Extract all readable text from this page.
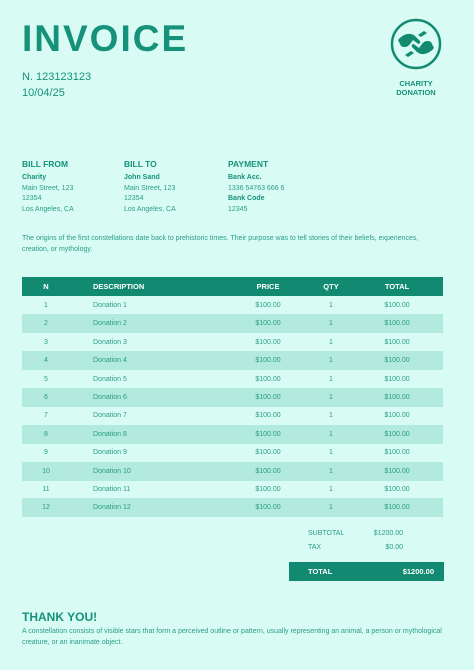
INVOICE
N. 123123123
10/04/25
CHARITY
DONATION
BILL FROM
Charity
Main Street, 123
12354
Los Angeles, CA
BILL TO
John Sand
Main Street, 123
12354
Los Angeles, CA
PAYMENT
Bank Acc.
1336 54763 666 6
Bank Code
12345
The origins of the first constellations date back to prehistoric times. Their purpose was to tell stories of their beliefs, experiences, creation, or mythology.
N	DESCRIPTION	PRICE	QTY	TOTAL
1	Donation 1	$100.00	1	$100.00
2	Donation 2	$100.00	1	$100.00
3	Donation 3	$100.00	1	$100.00
4	Donation 4	$100.00	1	$100.00
5	Donation 5	$100.00	1	$100.00
6	Donation 6	$100.00	1	$100.00
7	Donation 7	$100.00	1	$100.00
8	Donation 8	$100.00	1	$100.00
9	Donation 9	$100.00	1	$100.00
10	Donation 10	$100.00	1	$100.00
11	Donation 11	$100.00	1	$100.00
12	Donation 12	$100.00	1	$100.00
SUBTOTAL	$1200.00
TAX	$0.00
TOTAL	$1200.00
THANK YOU!
A constellation consists of visible stars that form a perceived outline or pattern, usually representing an animal, a person or mythological creature, or an inanimate object.
